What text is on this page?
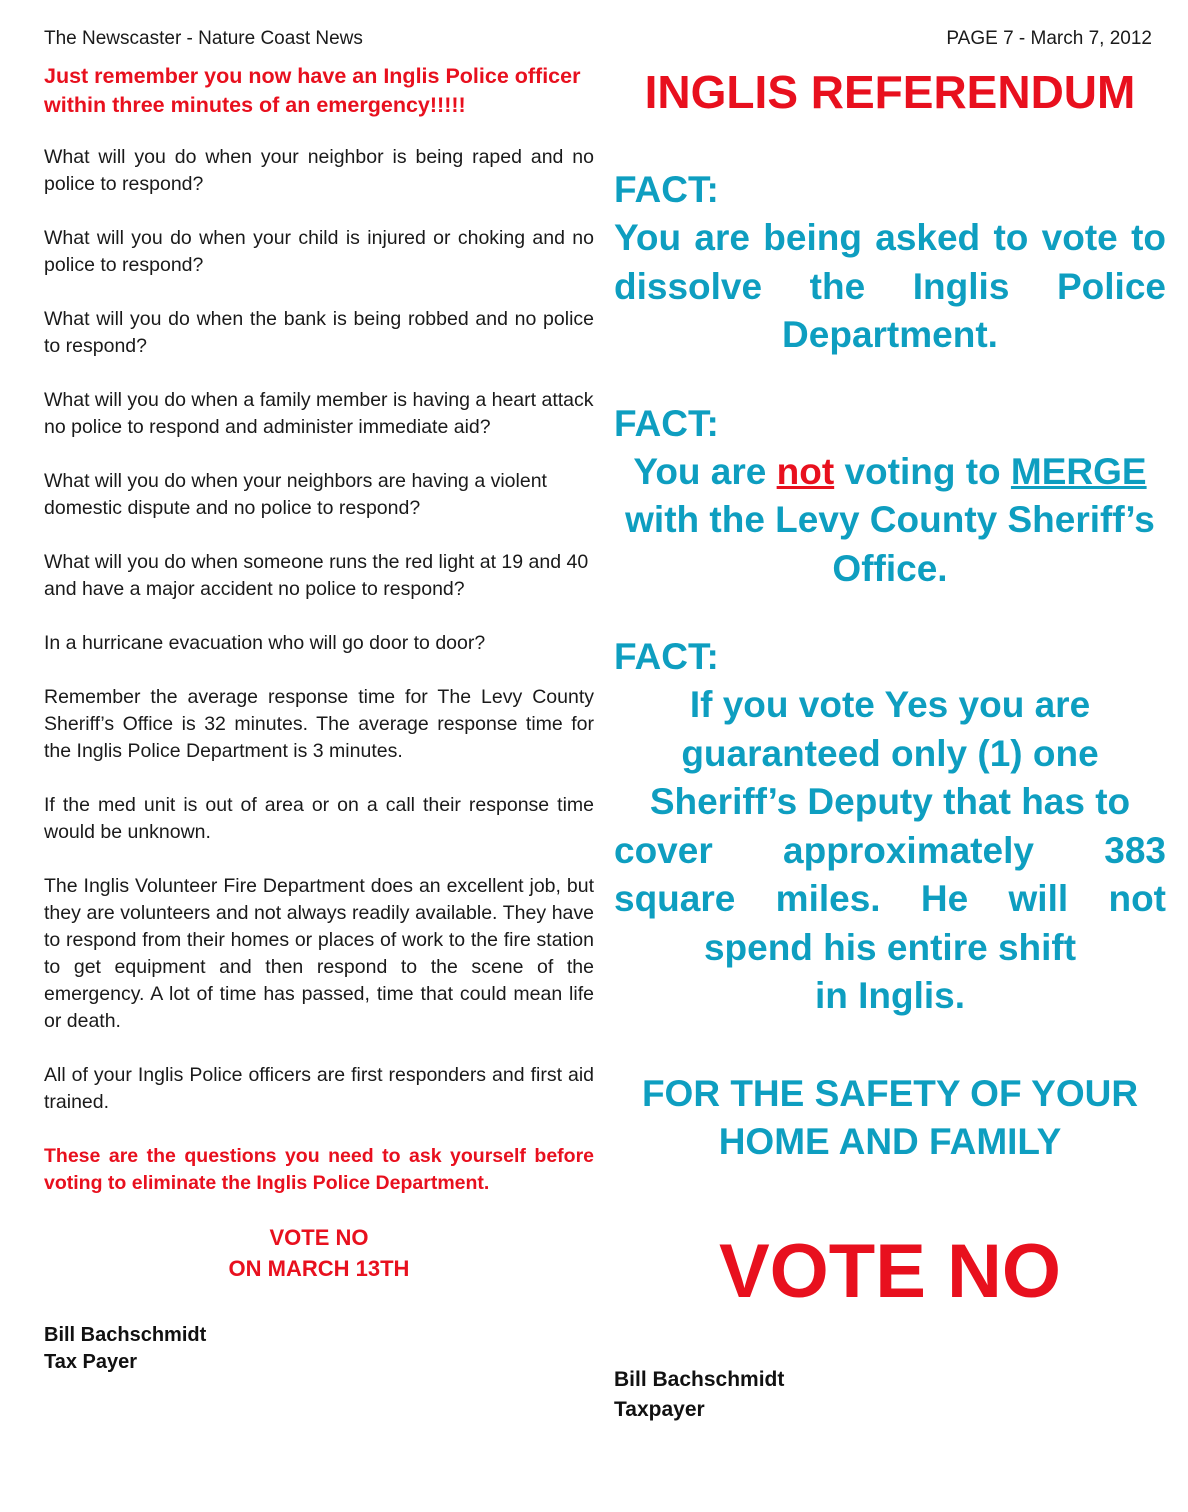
The Newscaster - Nature Coast News	PAGE 7 - March 7, 2012

Just remember you now have an Inglis Police officer within three minutes of an emergency!!!!!

What will you do when your neighbor is being raped and no police to respond?

What will you do when your child is injured or choking and no police to respond?

What will you do when the bank is being robbed and no police to respond?

What will you do when a family member is having a heart attack no police to respond and administer immediate aid?

What will you do when your neighbors are having a violent domestic dispute and no police to respond?

What will you do when someone runs the red light at 19 and 40 and have a major accident no police to respond?

In a hurricane evacuation who will go door to door?

Remember the average response time for The Levy County Sheriff’s Office is 32 minutes. The average response time for the Inglis Police Department is 3 minutes.

If the med unit is out of area or on a call their response time would be unknown.

The Inglis Volunteer Fire Department does an excellent job, but they are volunteers and not always readily available. They have to respond from their homes or places of work to the fire station to get equipment and then respond to the scene of the emergency. A lot of time has passed, time that could mean life or death.

All of your Inglis Police officers are first responders and first aid trained.

These are the questions you need to ask yourself before voting to eliminate the Inglis Police Department.

VOTE NO
ON MARCH 13TH
Bill Bachschmidt
Tax Payer
INGLIS REFERENDUM

FACT:

You are being asked to vote to dissolve the Inglis Police Department.

FACT:

You are not voting to MERGE
with the Levy County Sheriff’s Office.

FACT:

If you vote Yes you are guaranteed only (1) one Sheriff’s Deputy that has to

cover approximately 383 square miles. He will not

spend his entire shift

in Inglis.

FOR THE SAFETY OF YOUR HOME AND FAMILY

VOTE NO

Bill Bachschmidt
Taxpayer
